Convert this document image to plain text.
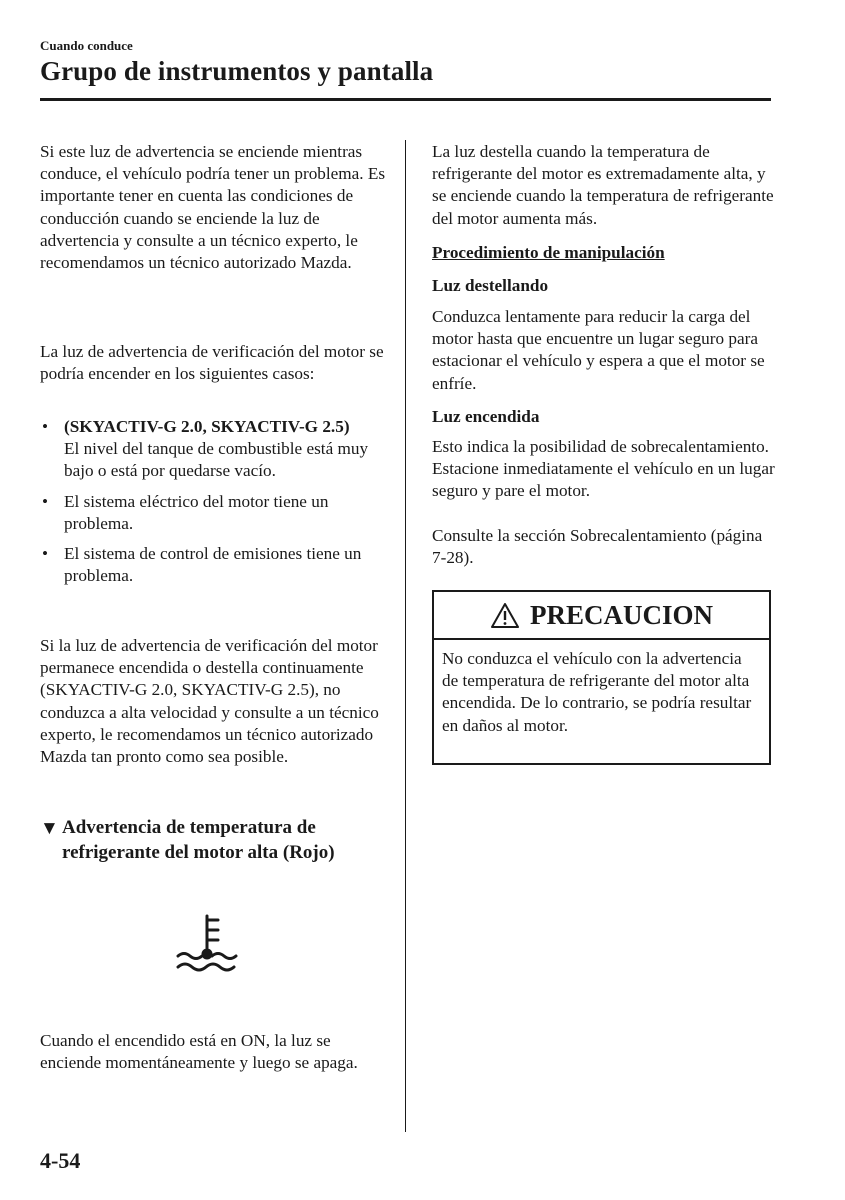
Cuando conduce
Grupo de instrumentos y pantalla

Si este luz de advertencia se enciende mientras conduce, el vehículo podría tener un problema. Es importante tener en cuenta las condiciones de conducción cuando se enciende la luz de advertencia y consulte a un técnico experto, le recomendamos un técnico autorizado Mazda.

La luz de advertencia de verificación del motor se podría encender en los siguientes casos:

• (SKYACTIV-G 2.0, SKYACTIV-G 2.5)
El nivel del tanque de combustible está muy bajo o está por quedarse vacío.
• El sistema eléctrico del motor tiene un problema.
• El sistema de control de emisiones tiene un problema.

Si la luz de advertencia de verificación del motor permanece encendida o destella continuamente (SKYACTIV-G 2.0, SKYACTIV-G 2.5), no conduzca a alta velocidad y consulte a un técnico experto, le recomendamos un técnico autorizado Mazda tan pronto como sea posible.

▼ Advertencia de temperatura de refrigerante del motor alta (Rojo)

Cuando el encendido está en ON, la luz se enciende momentáneamente y luego se apaga.

La luz destella cuando la temperatura de refrigerante del motor es extremadamente alta, y se enciende cuando la temperatura de refrigerante del motor aumenta más.

Procedimiento de manipulación
Luz destellando

Conduzca lentamente para reducir la carga del motor hasta que encuentre un lugar seguro para estacionar el vehículo y espera a que el motor se enfríe.

Luz encendida

Esto indica la posibilidad de sobrecalentamiento. Estacione inmediatamente el vehículo en un lugar seguro y pare el motor.

Consulte la sección Sobrecalentamiento (página 7-28).

PRECAUCION
No conduzca el vehículo con la advertencia de temperatura de refrigerante del motor alta encendida. De lo contrario, se podría resultar en daños al motor.
4-54
